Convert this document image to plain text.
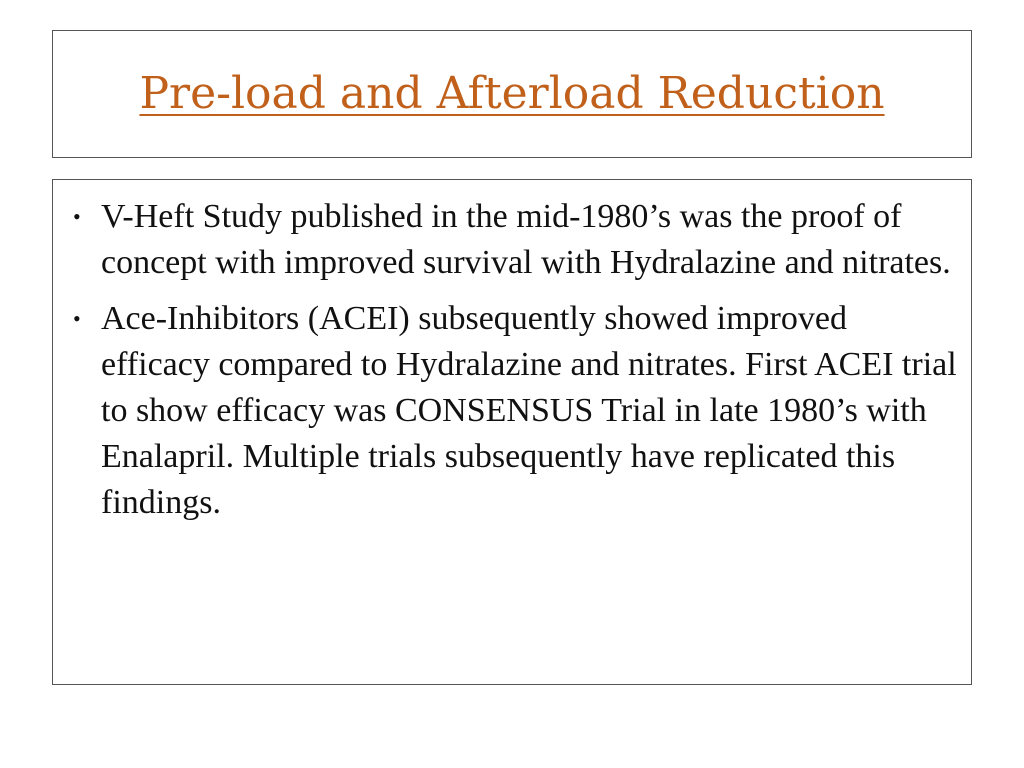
Pre-load and Afterload Reduction
• V-Heft Study published in the mid-1980’s was the proof of concept with improved survival with Hydralazine and nitrates.
• Ace-Inhibitors (ACEI) subsequently showed improved efficacy compared to Hydralazine and nitrates. First ACEI trial to show efficacy was CONSENSUS Trial in late 1980’s with Enalapril. Multiple trials subsequently have replicated this findings.
